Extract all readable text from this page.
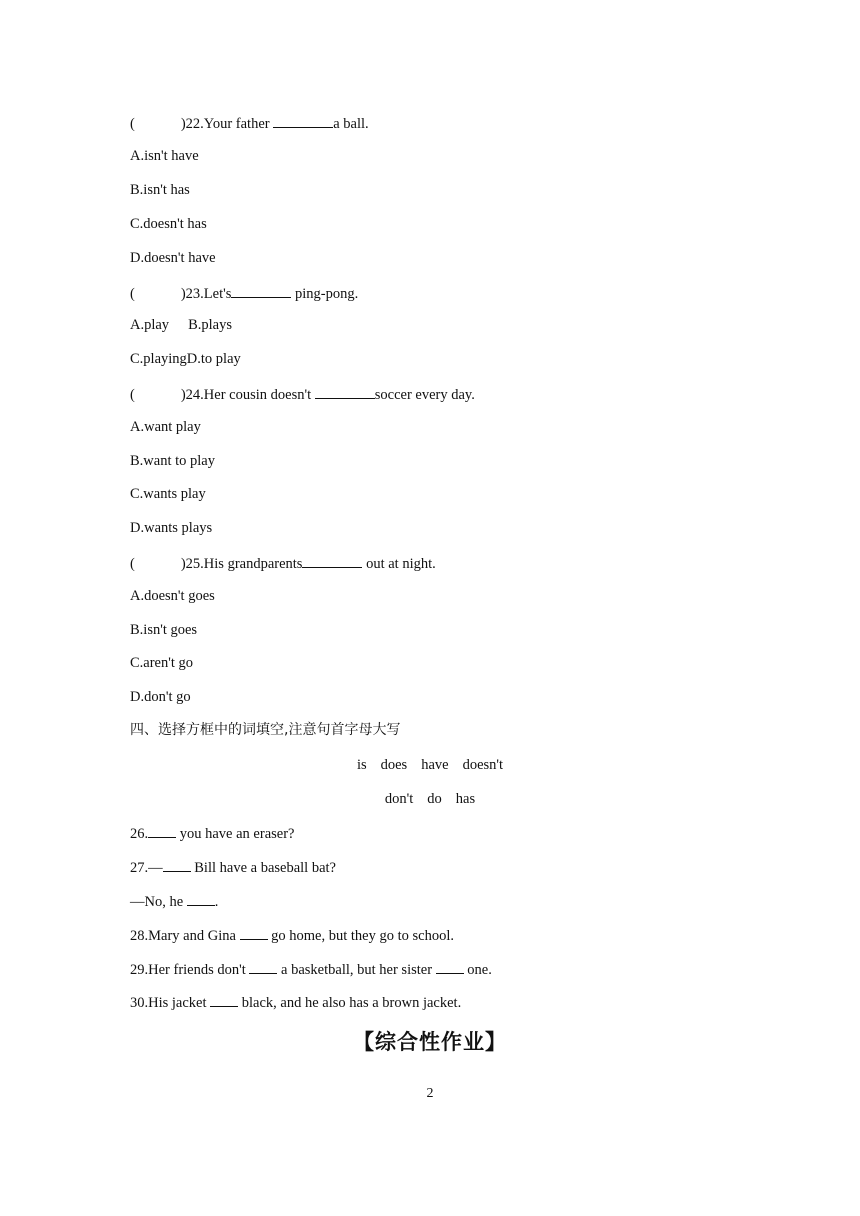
(	)22.Your father	a ball.
A.isn't have
B.isn't has
C.doesn't has
D.doesn't have
(	)23.Let's	ping-pong.
A.play B.plays
C.playingD.to play
(	)24.Her cousin doesn't	soccer every day.
A.want play
B.want to play
C.wants play
D.wants plays
(	)25.His grandparents	out at night.
A.doesn't goes
B.isn't goes
C.aren't go
D.don't go
四、选择方框中的词填空,注意句首字母大写
is does have doesn't
don't do has
26. you have an eraser?
27.— Bill have a baseball bat?
—No, he .
28.Mary and Gina  go home, but they go to school.
29.Her friends don't  a basketball, but her sister  one.
30.His jacket  black, and he also has a brown jacket.
【综合性作业】
2
